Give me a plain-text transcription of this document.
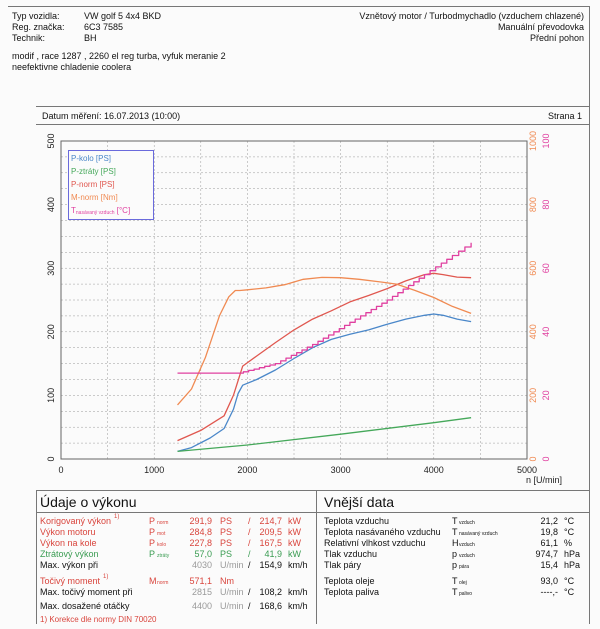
Typ vozidla:	VW golf 5 4x4 BKD
Reg. značka: 6C3 7585
Technik:	BH
Vznětový motor / Turbodmychadlo (vzduchem chlazené)
Manuální převodovka
Přední pohon
modif , race 1287 , 2260 el reg turba, vyfuk meranie 2
neefektivne chladenie coolera
Datum měření: 16.07.2013 (10:00)	Strana 1
0	1000	2000	3000	4000	5000
0
100
200
300
400
500
0
200
400
600
800
1000
0
20
40
60
80
100
n [U/min]
P-kolo [PS]
P-ztráty [PS]
P-norm [PS]
M-norm [Nm]
$T_{nasávaný vzduch}$ [°C]
Údaje o výkonu	Vnější data
Korigovaný výkon 1)	P norm	291,9 PS / 214,7 kW
Výkon motoru	P mot	284,8 PS / 209,5 kW
Výkon na kole	P kolo	227,8 PS / 167,5 kW
Ztrátový výkon	P ztráty	57,0 PS /	41,9 kW
Max. výkon při	4030 U/min / 154,9 km/h
Točivý moment 1)	M norm	571,1 Nm
Max. točivý moment při	2815 U/min / 108,2 km/h
Max. dosažené otáčky	4400 U/min / 168,6 km/h
1) Korekce dle normy DIN 70020
Teplota vzduchu	T vzduch	21,2 °C
Teplota nasávaného vzduchu T nasávaný vzduch	19,8 °C
Relativní vlhkost vzduchu	H vzduch	61,1 %
Tlak vzduchu	p vzduch	974,7 hPa
Tlak páry	p pára	15,4 hPa
Teplota oleje	T olej	93,0 °C
Teplota paliva	T palivo	----,- °C
